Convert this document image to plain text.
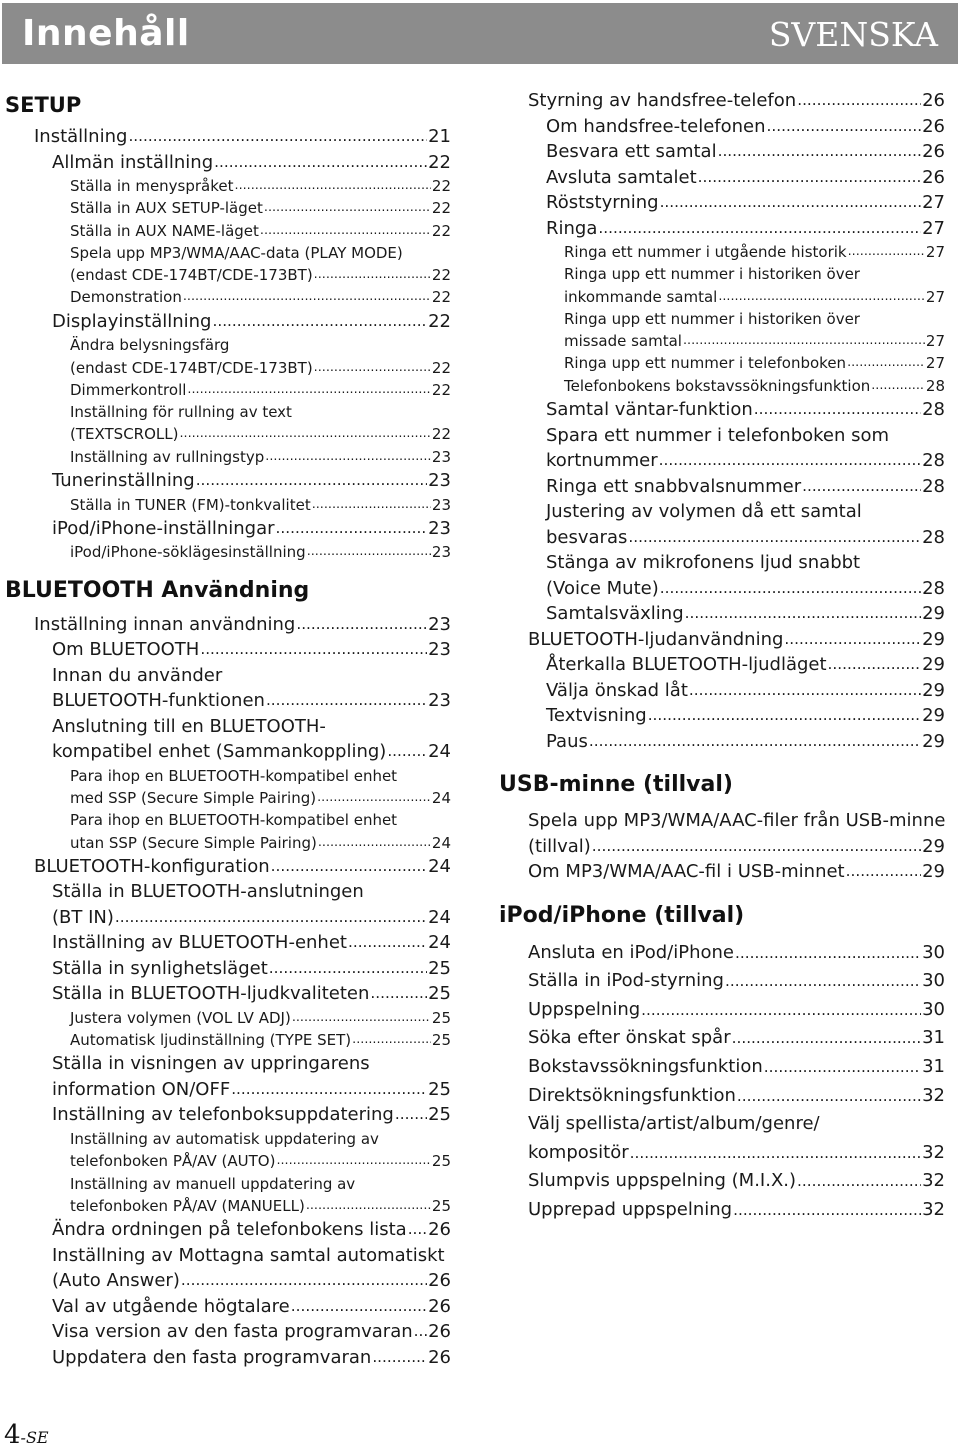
Innehåll	SVENSKA
SETUP
Inställning .....	21
Allmän inställning .....	22
Ställa in menyspråket .....	22
Ställa in AUX SETUP-läget .....	22
Ställa in AUX NAME-läget .....	22
Spela upp MP3/WMA/AAC-data (PLAY MODE)
(endast CDE-174BT/CDE-173BT) .....	22
Demonstration .....	22
Displayinställning .....	22
Ändra belysningsfärg
(endast CDE-174BT/CDE-173BT) .....	22
Dimmerkontroll .....	22
Inställning för rullning av text
(TEXTSCROLL) .....	22
Inställning av rullningstyp .....	23
Tunerinställning .....	23
Ställa in TUNER (FM)-tonkvalitet .....	23
iPod/iPhone-inställningar .....	23
iPod/iPhone-söklägesinställning .....	23
BLUETOOTH Användning
Inställning innan användning .....	23
Om BLUETOOTH .....	23
Innan du använder
BLUETOOTH-funktionen .....	23
Anslutning till en BLUETOOTH-
kompatibel enhet (Sammankoppling) ..... 24
Para ihop en BLUETOOTH-kompatibel enhet
med SSP (Secure Simple Pairing) .....	24
Para ihop en BLUETOOTH-kompatibel enhet
utan SSP (Secure Simple Pairing) .....	24
BLUETOOTH-konfiguration .....	24
Ställa in BLUETOOTH-anslutningen
(BT IN) .....	24
Inställning av BLUETOOTH-enhet .....	24
Ställa in synlighetsläget .....	25
Ställa in BLUETOOTH-ljudkvaliteten .....	25
Justera volymen (VOL LV ADJ) .....	25
Automatisk ljudinställning (TYPE SET) .....	25
Ställa in visningen av uppringarens
information ON/OFF .....	25
Inställning av telefonboksuppdatering ..... 25
Inställning av automatisk uppdatering av
telefonboken PÅ/AV (AUTO) .....	25
Inställning av manuell uppdatering av
telefonboken PÅ/AV (MANUELL) .....	25
Ändra ordningen på telefonbokens lista ..... 26
Inställning av Mottagna samtal automatiskt
(Auto Answer) .....	26
Val av utgående högtalare .....	26
Visa version av den fasta programvaran ..... 26
Uppdatera den fasta programvaran .....	26
Styrning av handsfree-telefon .....	26
Om handsfree-telefonen .....	26
Besvara ett samtal .....	26
Avsluta samtalet .....	26
Röststyrning .....	27
Ringa .....	27
Ringa ett nummer i utgående historik .....	27
Ringa upp ett nummer i historiken över
inkommande samtal .....	27
Ringa upp ett nummer i historiken över
missade samtal .....	27
Ringa upp ett nummer i telefonboken .....	27
Telefonbokens bokstavssökningsfunktion .....	28
Samtal väntar-funktion .....	28
Spara ett nummer i telefonboken som
kortnummer .....	28
Ringa ett snabbvalsnummer .....	28
Justering av volymen då ett samtal
besvaras .....	28
Stänga av mikrofonens ljud snabbt
(Voice Mute) .....	28
Samtalsväxling .....	29
BLUETOOTH-ljudanvändning .....	29
Återkalla BLUETOOTH-ljudläget .....	29
Välja önskad låt .....	29
Textvisning .....	29
Paus .....	29
USB-minne (tillval)
Spela upp MP3/WMA/AAC-filer från USB-minne
(tillval) .....	29
Om MP3/WMA/AAC-fil i USB-minnet .....	29
iPod/iPhone (tillval)
Ansluta en iPod/iPhone .....	30
Ställa in iPod-styrning .....	30
Uppspelning .....	30
Söka efter önskat spår .....	31
Bokstavssökningsfunktion .....	31
Direktsökningsfunktion .....	32
Välj spellista/artist/album/genre/
kompositör .....	32
Slumpvis uppspelning (M.I.X.) .....	32
Upprepad uppspelning .....	32
4-SE
